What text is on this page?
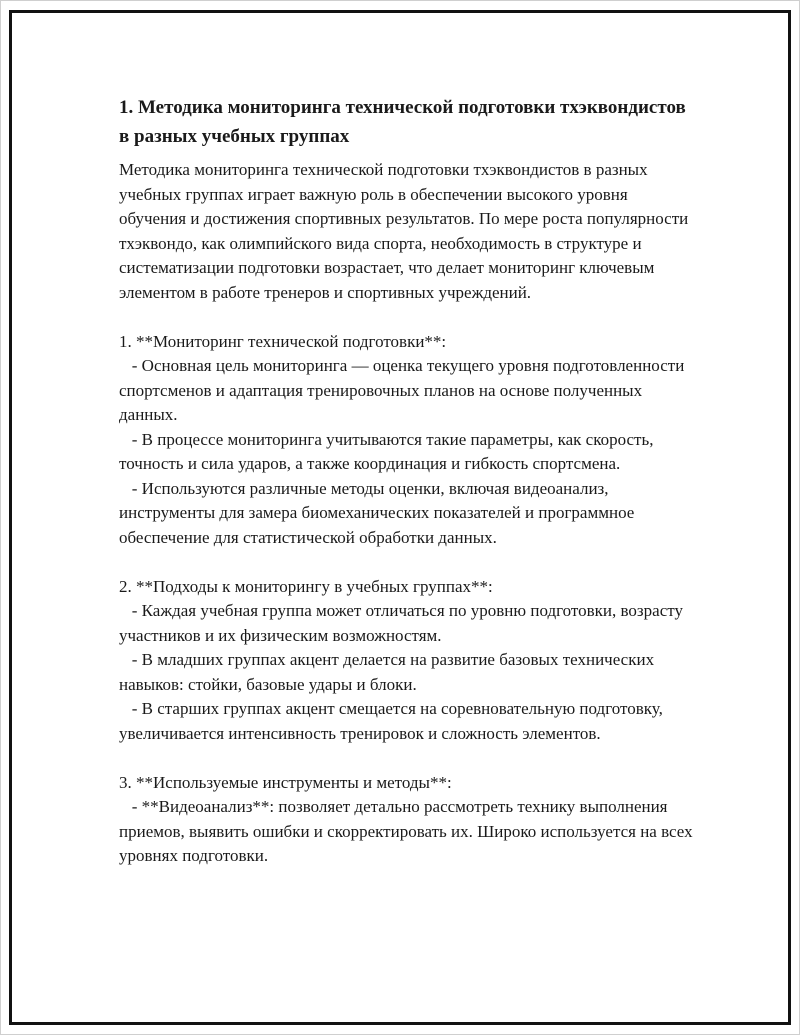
1. Методика мониторинга технической подготовки тхэквондистов в разных учебных группах

Методика мониторинга технической подготовки тхэквондистов в разных учебных группах играет важную роль в обеспечении высокого уровня обучения и достижения спортивных результатов. По мере роста популярности тхэквондо, как олимпийского вида спорта, необходимость в структуре и систематизации подготовки возрастает, что делает мониторинг ключевым элементом в работе тренеров и спортивных учреждений.

1. **Мониторинг технической подготовки**:

- Основная цель мониторинга — оценка текущего уровня подготовленности спортсменов и адаптация тренировочных планов на основе полученных данных.

- В процессе мониторинга учитываются такие параметры, как скорость, точность и сила ударов, а также координация и гибкость спортсмена.

- Используются различные методы оценки, включая видеоанализ, инструменты для замера биомеханических показателей и программное обеспечение для статистической обработки данных.

2. **Подходы к мониторингу в учебных группах**:

- Каждая учебная группа может отличаться по уровню подготовки, возрасту участников и их физическим возможностям.

- В младших группах акцент делается на развитие базовых технических навыков: стойки, базовые удары и блоки.

- В старших группах акцент смещается на соревновательную подготовку, увеличивается интенсивность тренировок и сложность элементов.

3. **Используемые инструменты и методы**:

- **Видеоанализ**: позволяет детально рассмотреть технику выполнения приемов, выявить ошибки и скорректировать их. Широко используется на всех уровнях подготовки.
